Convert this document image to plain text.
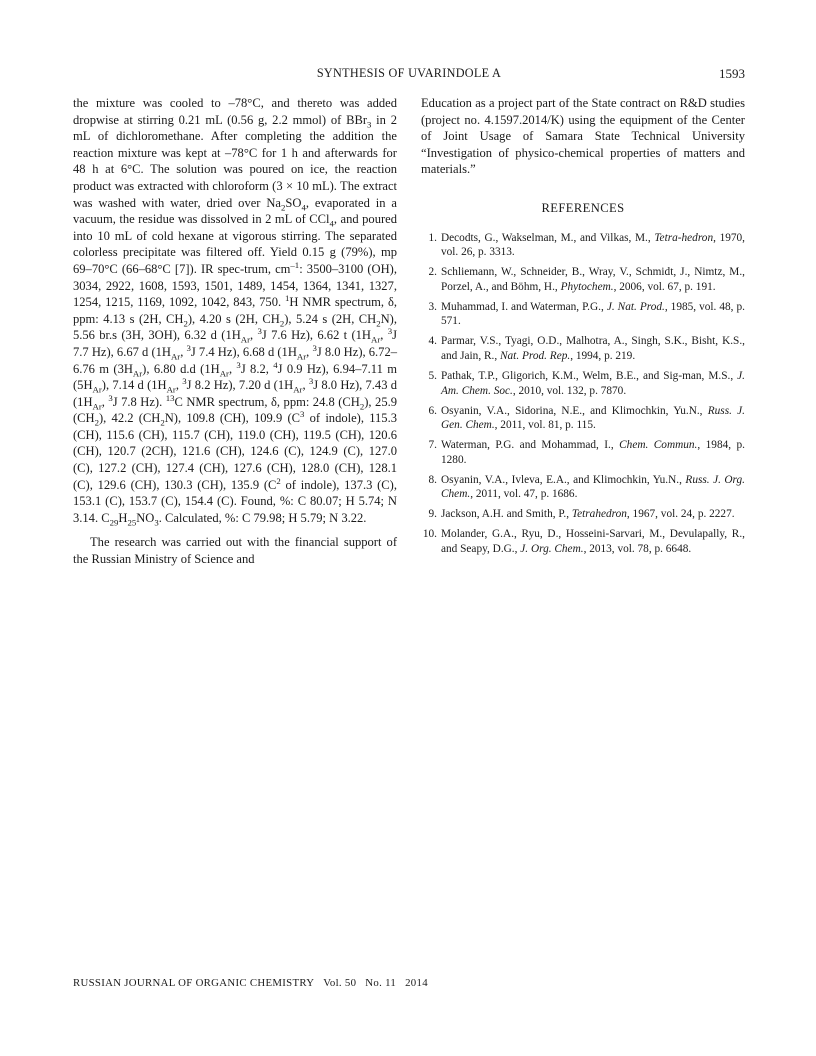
SYNTHESIS OF UVARINDOLE A	1593

the mixture was cooled to –78°C, and thereto was added dropwise at stirring 0.21 mL (0.56 g, 2.2 mmol) of BBr$_3$ in 2 mL of dichloromethane. After completing the addition the reaction mixture was kept at –78°C for 1 h and afterwards for 48 h at 6°C. The solution was poured on ice, the reaction product was extracted with chloroform (3 × 10 mL). The extract was washed with water, dried over $Na_2SO_4$, evaporated in a vacuum, the residue was dissolved in 2 mL of CCl$_4$, and poured into 10 mL of cold hexane at vigorous stirring. The separated colorless precipitate was filtered off. Yield 0.15 g (79%), mp 69–70°C (66–68°C [7]). IR spec-trum, $cm^{-1}$: 3500–3100 (OH), 3034, 2922, 1608, 1593, 1501, 1489, 1454, 1364, 1341, 1327, 1254, 1215, 1169, 1092, 1042, 843, 750. $^1$H NMR spectrum, δ, ppm: 4.13 s (2H, $CH_2$), 4.20 s (2H, $CH_2$), 5.24 s (2H, $CH_2N$), 5.56 br.s (3H, 3OH), 6.32 d ($1H_{Ar}$, $^3$J 7.6 Hz), 6.62 t ($1H_{Ar}$, $^3$J 7.7 Hz), 6.67 d ($1H_{Ar}$, $^3$J 7.4 Hz), 6.68 d ($1H_{Ar}$, $^3$J 8.0 Hz), 6.72–6.76 m $(3H_{Ar})$, 6.80 d.d ($1H_{Ar}$, $^3$J 8.2, $^4$J 0.9 Hz), 6.94–7.11 m $(5H_{Ar})$, 7.14 d ($1H_{Ar}$, $^3$J 8.2 Hz), 7.20 d ($1H_{Ar}$, $^3$J 8.0 Hz), 7.43 d ($1H_{Ar}$, $^3$J 7.8 Hz). $^{13}$C NMR spectrum, δ, ppm: 24.8 $(CH_2)$, 25.9 $(CH_2)$, 42.2 $(CH_2N)$, 109.8 (CH), 109.9 ($C^3$ of indole), 115.3 (CH), 115.6 (CH), 115.7 (CH), 119.0 (CH), 119.5 (CH), 120.6 (CH), 120.7 (2CH), 121.6 (CH), 124.6 (C), 124.9 (C), 127.0 (C), 127.2 (CH), 127.4 (CH), 127.6 (CH), 128.0 (CH), 128.1 (C), 129.6 (CH), 130.3 (CH), 135.9 ($C^2$ of indole), 137.3 (C), 153.1 (C), 153.7 (C), 154.4 (C). Found, %: C 80.07; H 5.74; N 3.14. $C_{29}H_{25}NO_3$. Calculated, %: C 79.98; H 5.79; N 3.22.

The research was carried out with the financial support of the Russian Ministry of Science and

Education as a project part of the State contract on R&D studies (project no. 4.1597.2014/K) using the equipment of the Center of Joint Usage of Samara State Technical University “Investigation of physico-chemical properties of matters and materials.”

REFERENCES
1. Decodts, G., Wakselman, M., and Vilkas, M., Tetra-hedron, 1970, vol. 26, p. 3313.
2. Schliemann, W., Schneider, B., Wray, V., Schmidt, J., Nimtz, M., Porzel, A., and Böhm, H., Phytochem., 2006, vol. 67, p. 191.
3. Muhammad, I. and Waterman, P.G., J. Nat. Prod., 1985, vol. 48, p. 571.
4. Parmar, V.S., Tyagi, O.D., Malhotra, A., Singh, S.K., Bisht, K.S., and Jain, R., Nat. Prod. Rep., 1994, p. 219.
5. Pathak, T.P., Gligorich, K.M., Welm, B.E., and Sig-man, M.S., J. Am. Chem. Soc., 2010, vol. 132, p. 7870.
6. Osyanin, V.A., Sidorina, N.E., and Klimochkin, Yu.N., Russ. J. Gen. Chem., 2011, vol. 81, p. 115.
7. Waterman, P.G. and Mohammad, I., Chem. Commun., 1984, p. 1280.
8. Osyanin, V.A., Ivleva, E.A., and Klimochkin, Yu.N., Russ. J. Org. Chem., 2011, vol. 47, p. 1686.
9. Jackson, A.H. and Smith, P., Tetrahedron, 1967, vol. 24, p. 2227.
10. Molander, G.A., Ryu, D., Hosseini-Sarvari, M., Devulapally, R., and Seapy, D.G., J. Org. Chem., 2013, vol. 78, p. 6648.
RUSSIAN JOURNAL OF ORGANIC CHEMISTRY Vol. 50 No. 11 2014
